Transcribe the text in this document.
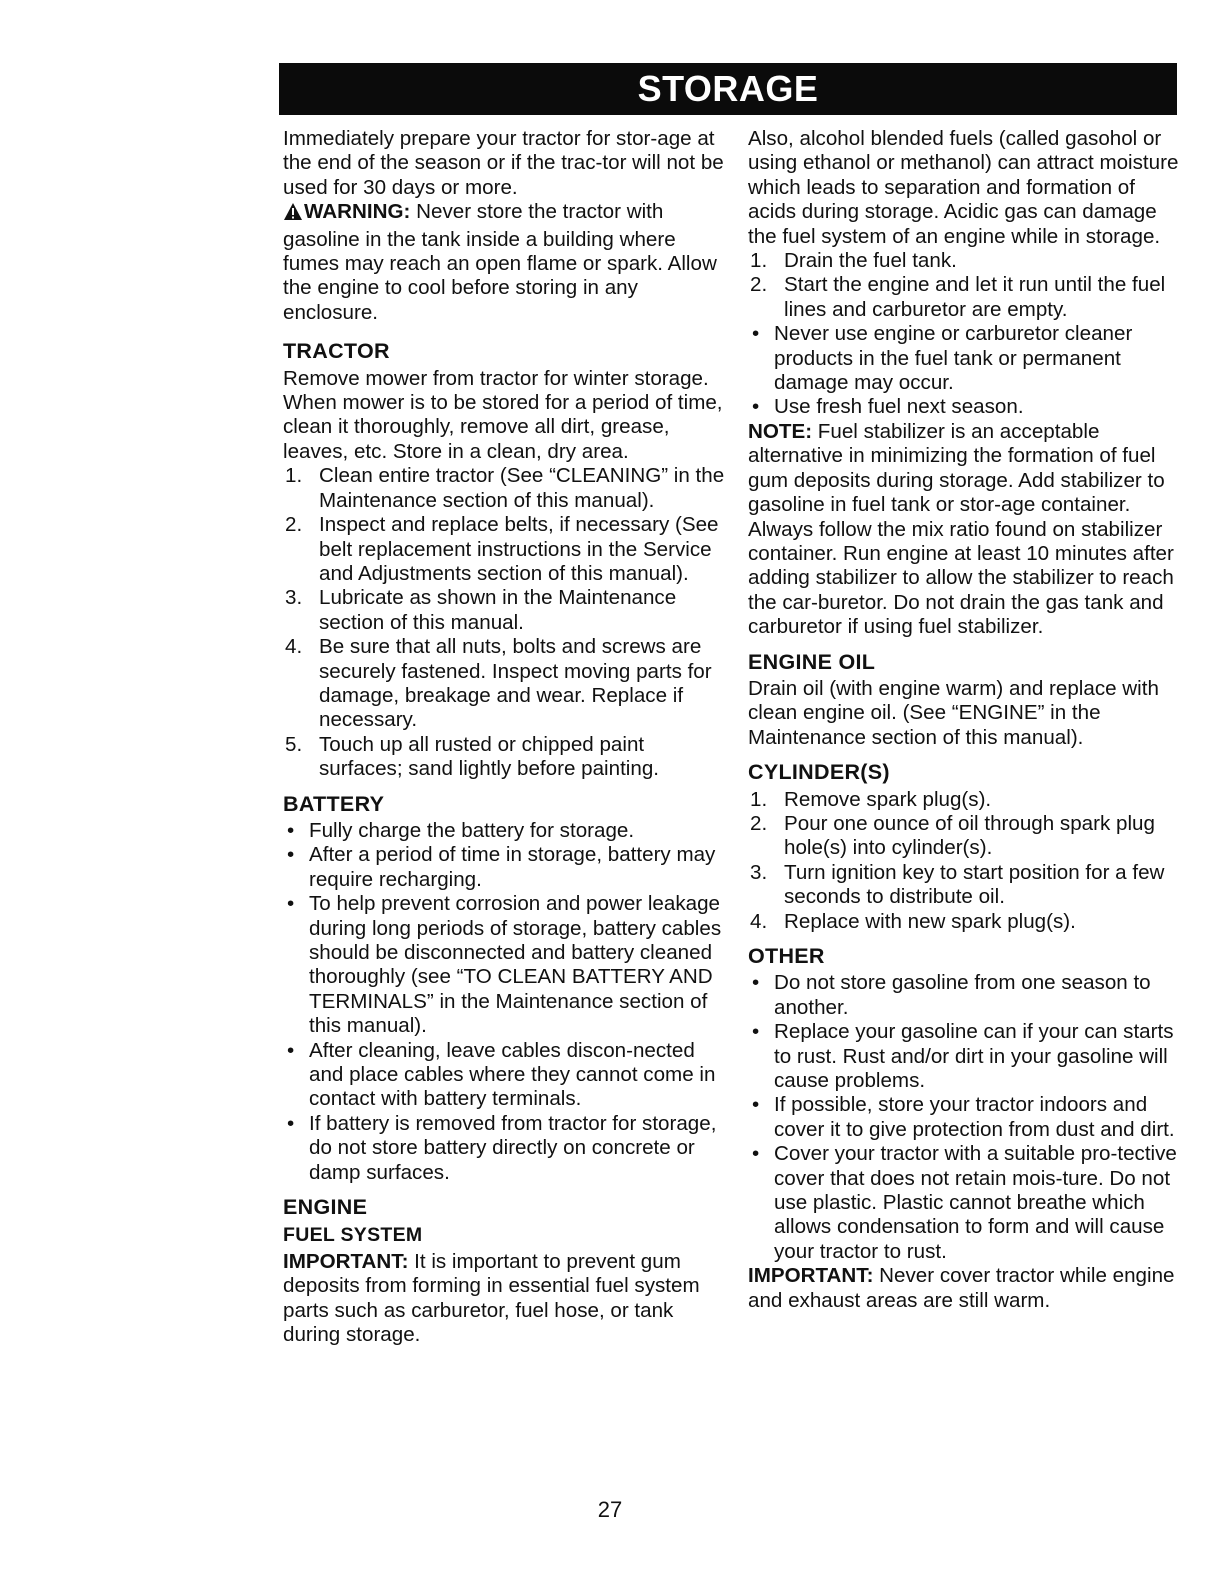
STORAGE

Immediately prepare your tractor for stor-age at the end of the season or if the trac-tor will not be used for 30 days or more.

WARNING: Never store the tractor with gasoline in the tank inside a building where fumes may reach an open flame or spark. Allow the engine to cool before storing in any enclosure.

TRACTOR

Remove mower from tractor for winter storage. When mower is to be stored for a period of time, clean it thoroughly, remove all dirt, grease, leaves, etc. Store in a clean, dry area.

1. Clean entire tractor (See “CLEANING” in the Maintenance section of this manual).
2. Inspect and replace belts, if necessary (See belt replacement instructions in the Service and Adjustments section of this manual).
3. Lubricate as shown in the Maintenance section of this manual.
4. Be sure that all nuts, bolts and screws are securely fastened. Inspect moving parts for damage, breakage and wear. Replace if necessary.
5. Touch up all rusted or chipped paint surfaces; sand lightly before painting.
BATTERY
• Fully charge the battery for storage.
• After a period of time in storage, battery may require recharging.
• To help prevent corrosion and power leakage during long periods of storage, battery cables should be disconnected and battery cleaned thoroughly (see “TO CLEAN BATTERY AND TERMINALS” in the Maintenance section of this manual).
• After cleaning, leave cables discon-nected and place cables where they cannot come in contact with battery terminals.
• If battery is removed from tractor for storage, do not store battery directly on concrete or damp surfaces.
ENGINE
FUEL SYSTEM

IMPORTANT: It is important to prevent gum deposits from forming in essential fuel system parts such as carburetor, fuel hose, or tank during storage.

Also, alcohol blended fuels (called gasohol or using ethanol or methanol) can attract moisture which leads to separation and formation of acids during storage. Acidic gas can damage the fuel system of an engine while in storage.

1. Drain the fuel tank.
2. Start the engine and let it run until the fuel lines and carburetor are empty.
• Never use engine or carburetor cleaner products in the fuel tank or permanent damage may occur.
• Use fresh fuel next season.

NOTE: Fuel stabilizer is an acceptable alternative in minimizing the formation of fuel gum deposits during storage. Add stabilizer to gasoline in fuel tank or stor-age container. Always follow the mix ratio found on stabilizer container. Run engine at least 10 minutes after adding stabilizer to allow the stabilizer to reach the car-buretor. Do not drain the gas tank and carburetor if using fuel stabilizer.

ENGINE OIL

Drain oil (with engine warm) and replace with clean engine oil. (See “ENGINE” in the Maintenance section of this manual).

CYLINDER(S)
1. Remove spark plug(s).
2. Pour one ounce of oil through spark plug hole(s) into cylinder(s).
3. Turn ignition key to start position for a few seconds to distribute oil.
4. Replace with new spark plug(s).
OTHER
• Do not store gasoline from one season to another.
• Replace your gasoline can if your can starts to rust. Rust and/or dirt in your gasoline will cause problems.
• If possible, store your tractor indoors and cover it to give protection from dust and dirt.
• Cover your tractor with a suitable pro-tective cover that does not retain mois-ture. Do not use plastic. Plastic cannot breathe which allows condensation to form and will cause your tractor to rust.

IMPORTANT: Never cover tractor while engine and exhaust areas are still warm.

27
